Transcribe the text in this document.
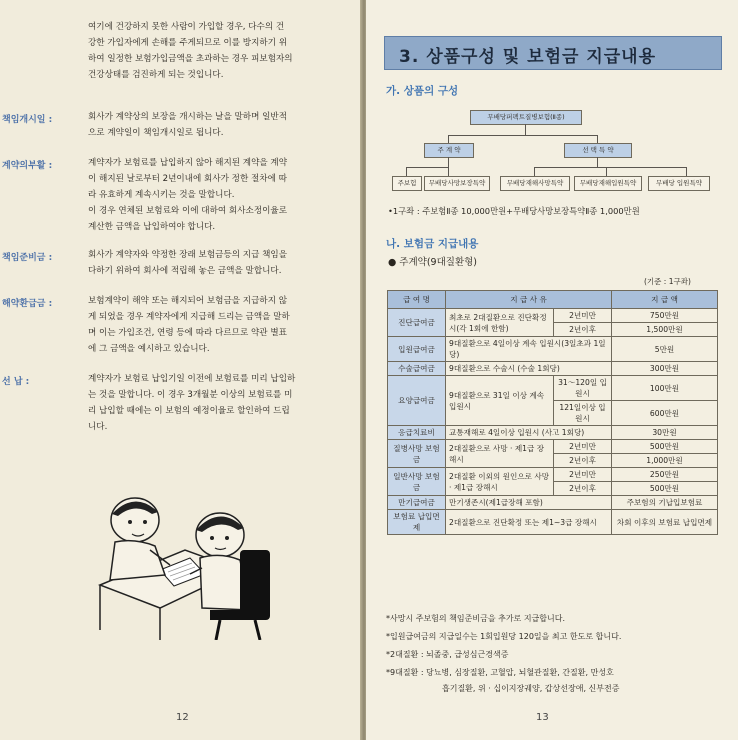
여기에 건강하지 못한 사람이 가입할 경우, 다수의 건
강한 가입자에게 손해를 주게되므로 이를 방지하기 위
하여 일정한 보험가입금액을 초과하는 경우 피보험자의
건강상태를 검진하게 되는 것입니다.
책임개시일 :	회사가 계약상의 보장을 개시하는 날을 말하며 일반적
으로 계약일이 책임개시일로 됩니다.
계약의부활 :	계약자가 보험료를 납입하지 않아 해지된 계약을 계약
이 해지된 날로부터 2년이내에 회사가 정한 절차에 따
라 유효하게 계속시키는 것을 말합니다.
이 경우 연체된 보험료와 이에 대하여 회사소정이율로
계산한 금액을 납입하여야 합니다.
책임준비금 :	회사가 계약자와 약정한 장래 보험금등의 지급 책임을
다하기 위하여 회사에 적립해 놓은 금액을 말합니다.
해약환급금 :	보험계약이 해약 또는 해지되어 보험금을 지급하지 않
게 되었을 경우 계약자에게 지급해 드리는 금액을 말하
며 이는 가입조건, 연령 등에 따라 다르므로 약관 별표
에 그 금액을 예시하고 있습니다.
선 납 :	계약자가 보험료 납입기일 이전에 보험료를 미리 납입하
는 것을 말합니다. 이 경우 3개월분 이상의 보험료를 미
리 납입할 때에는 이 보험의 예정이율로 할인하여 드립
니다.
12
3. 상품구성 및 보험금 지급내용
가. 상품의 구성
무배당퍼펙트질병보험(Ⅱ종)
주 계 약	선 택 특 약
주보험	무배당사망보장특약	무배당재해사망특약	무배당재해입원특약	무배당 입원특약
•1구좌 : 주보험Ⅱ종 10,000만원+무배당사망보장특약Ⅱ종 1,000만원
나. 보험금 지급내용
● 주계약(9대질환형)
(기준 : 1구좌)
급 여 명	지 급 사 유		지 급 액
진단급여금	최초로 2대질환으로 진단확정시(각 1회에 한함)	2년미만	750만원
		2년이후	1,500만원
입원급여금	9대질환으로 4일이상 계속 입원시(3일초과 1일당)		5만원
수술급여금	9대질환으로 수술시 (수술 1회당)		300만원
요양급여금	9대질환으로 31일 이상 계속 입원시	31～120일 입원시	100만원
		121일이상 입원시	600만원
응급치료비	교통재해로 4일이상 입원시 (사고 1회당)		30만원
질병사망 보험금	2대질환으로 사망 · 제1급 장해시	2년미만	500만원
		2년이후	1,000만원
일반사망 보험금	2대질환 이외의 원인으로 사망 · 제1급 장해시	2년미만	250만원
		2년이후	500만원
만기급여금	만기생존시(제1급장해 포함)		주보험의 기납입보험료
보험료 납입면제	2대질환으로 진단확정 또는 제1~3급 장해시		차회 이후의 보험료 납입면제
*사망시 주보험의 책임준비금을 추가로 지급합니다.
*입원급여금의 지급일수는 1회입원당 120일을 최고 한도로 합니다.
*2대질환 : 뇌졸중, 급성심근경색증
*9대질환 : 당뇨병, 심장질환, 고혈압, 뇌혈관질환, 간질환, 만성호
흡기질환, 위 · 십이지장궤양, 갑상선장애, 신부전증
13
